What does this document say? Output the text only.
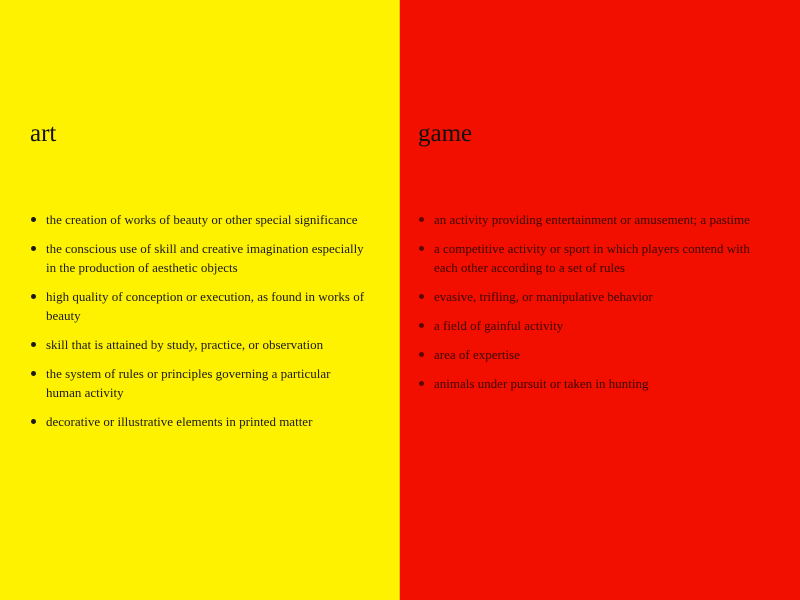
art
the creation of works of beauty or other special significance
the conscious use of skill and creative imagination especially in the production of aesthetic objects
high quality of conception or execution, as found in works of beauty
skill that is attained by study, practice, or observation
the system of rules or principles governing a particular human activity
decorative or illustrative elements in printed matter
game
an activity providing entertainment or amusement; a pastime
a competitive activity or sport in which players contend with each other according to a set of rules
evasive, trifling, or manipulative behavior
a field of gainful activity
area of expertise
animals under pursuit or taken in hunting
